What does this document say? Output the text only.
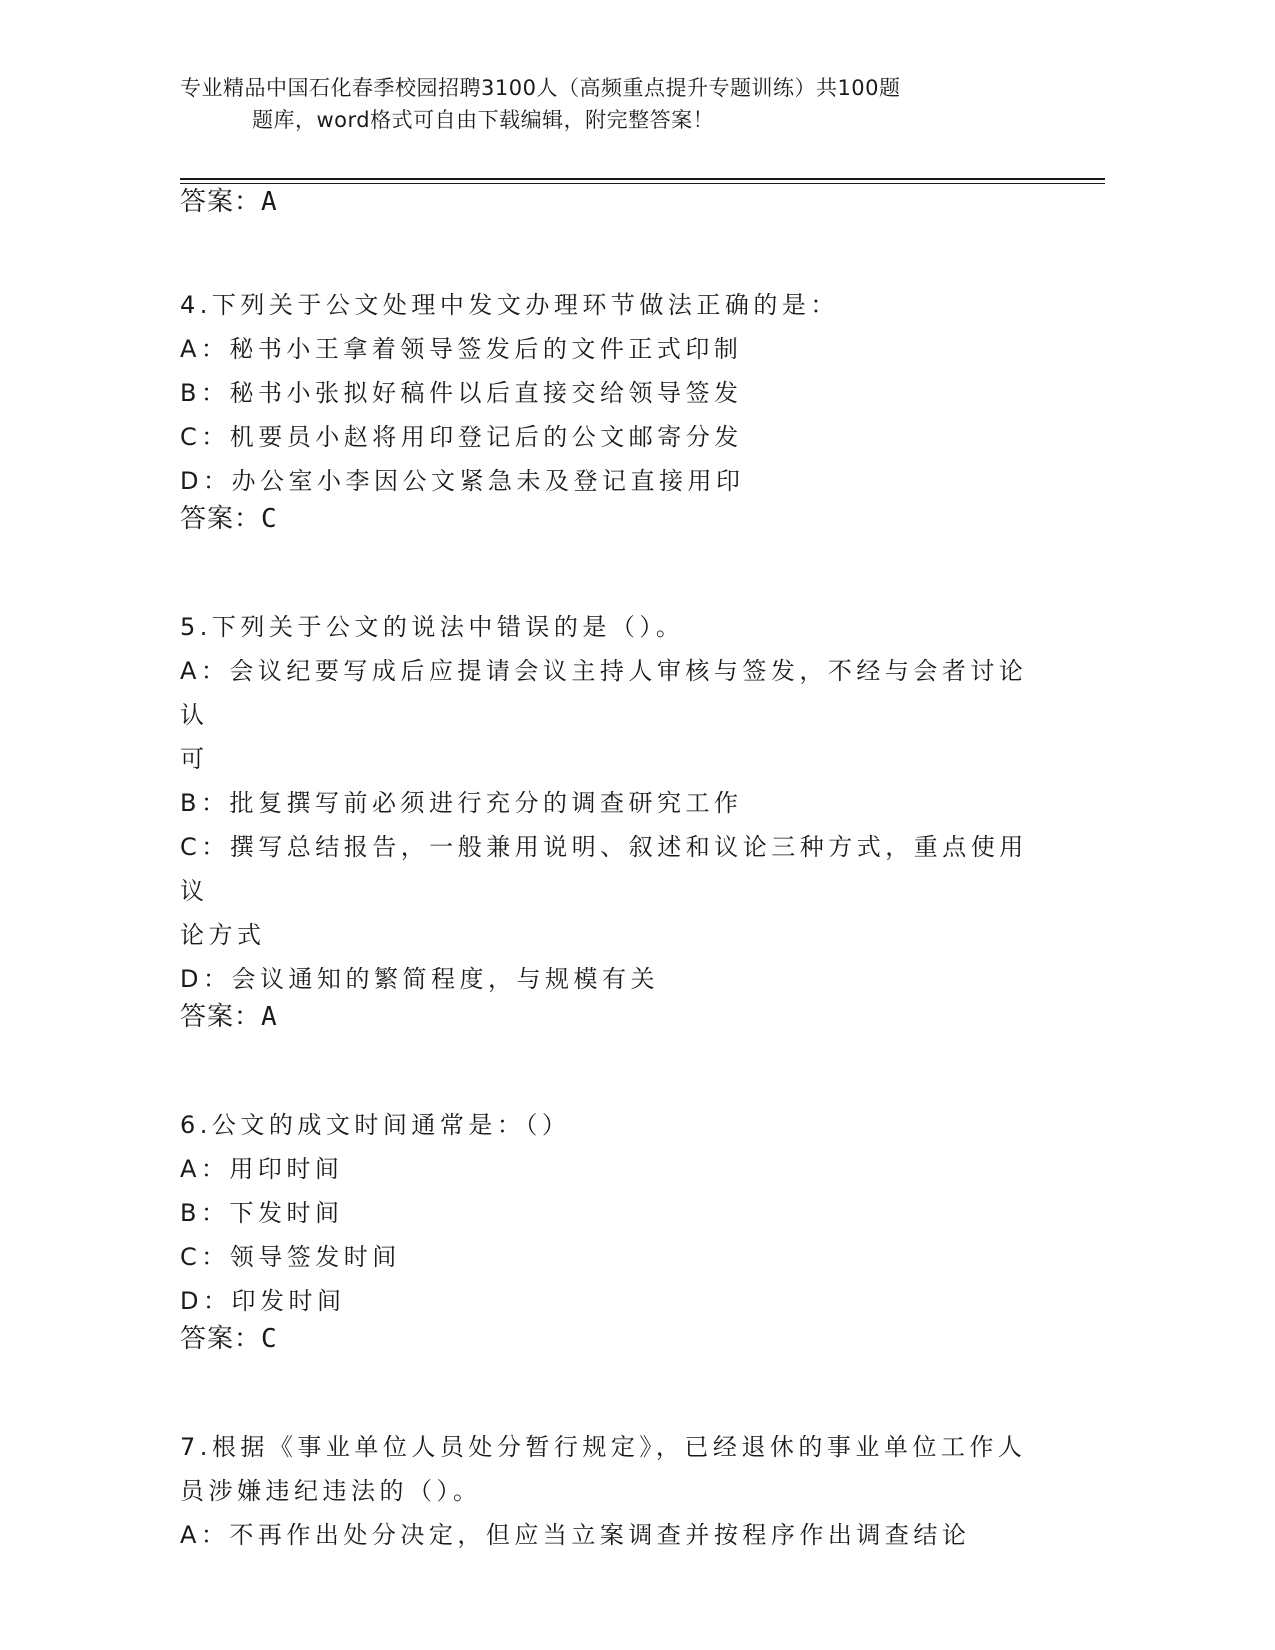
专业精品中国石化春季校园招聘3100人（高频重点提升专题训练）共100题
题库，word格式可自由下载编辑，附完整答案！
答案：A

4.下列关于公文处理中发文办理环节做法正确的是：

A：秘书小王拿着领导签发后的文件正式印制

B：秘书小张拟好稿件以后直接交给领导签发

C：机要员小赵将用印登记后的公文邮寄分发

D：办公室小李因公文紧急未及登记直接用印

答案：C

5.下列关于公文的说法中错误的是（）。

A：会议纪要写成后应提请会议主持人审核与签发，不经与会者讨论认

可

B：批复撰写前必须进行充分的调查研究工作

C：撰写总结报告，一般兼用说明、叙述和议论三种方式，重点使用议

论方式

D：会议通知的繁简程度，与规模有关

答案：A

6.公文的成文时间通常是：（）

A：用印时间

B：下发时间

C：领导签发时间

D：印发时间

答案：C

7.根据《事业单位人员处分暂行规定》，已经退休的事业单位工作人

员涉嫌违纪违法的（）。

A：不再作出处分决定，但应当立案调查并按程序作出调查结论
